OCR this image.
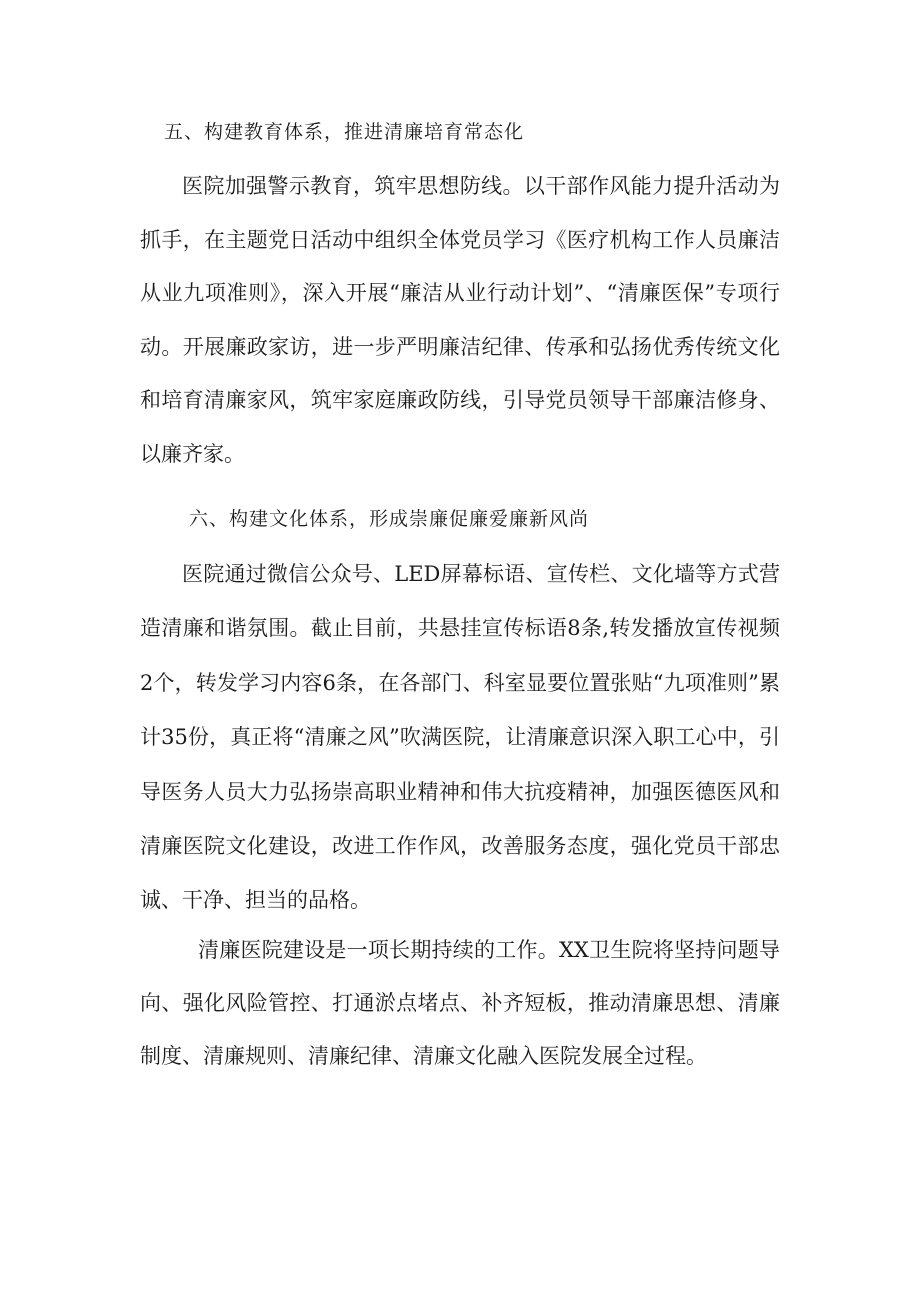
五、构建教育体系，推进清廉培育常态化
医院加强警示教育，筑牢思想防线。以干部作风能力提升活动为抓手，在主题党日活动中组织全体党员学习《医疗机构工作人员廉洁从业九项准则》，深入开展“廉洁从业行动计划”、“清廉医保”专项行动。开展廉政家访，进一步严明廉洁纪律、传承和弘扬优秀传统文化和培育清廉家风，筑牢家庭廉政防线，引导党员领导干部廉洁修身、以廉齐家。
六、构建文化体系，形成崇廉促廉爱廉新风尚
医院通过微信公众号、LED屏幕标语、宣传栏、文化墙等方式营造清廉和谐氛围。截止目前，共悬挂宣传标语8条,转发播放宣传视频2个，转发学习内容6条，在各部门、科室显要位置张贴“九项准则”累计35份，真正将“清廉之风”吹满医院，让清廉意识深入职工心中，引导医务人员大力弘扬崇高职业精神和伟大抗疫精神，加强医德医风和清廉医院文化建设，改进工作作风，改善服务态度，强化党员干部忠诚、干净、担当的品格。
清廉医院建设是一项长期持续的工作。XX卫生院将坚持问题导向、强化风险管控、打通淤点堵点、补齐短板，推动清廉思想、清廉制度、清廉规则、清廉纪律、清廉文化融入医院发展全过程。
